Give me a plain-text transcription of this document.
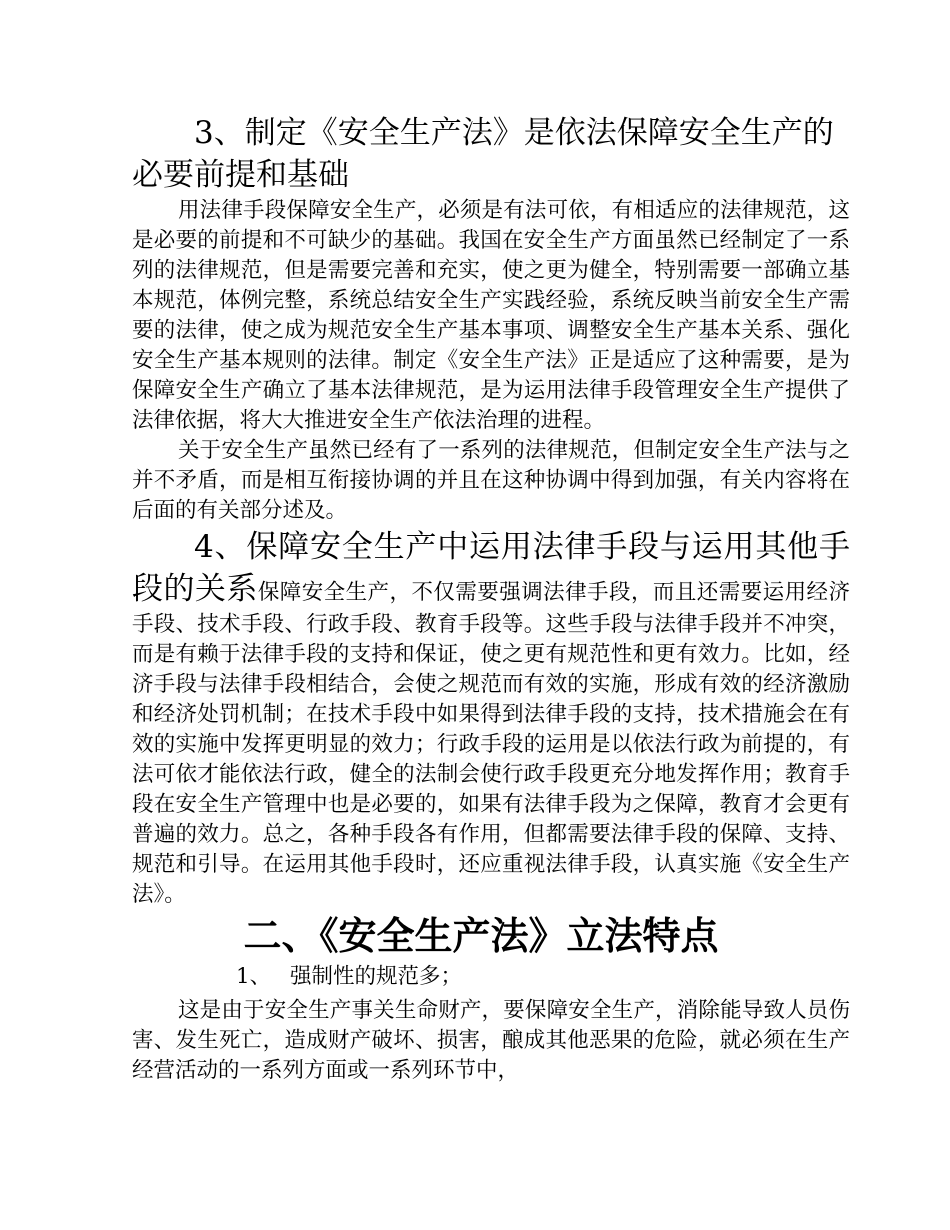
3、制定《安全生产法》是依法保障安全生产的必要前提和基础

用法律手段保障安全生产，必须是有法可依，有相适应的法律规范，这是必要的前提和不可缺少的基础。我国在安全生产方面虽然已经制定了一系列的法律规范，但是需要完善和充实，使之更为健全，特别需要一部确立基本规范，体例完整，系统总结安全生产实践经验，系统反映当前安全生产需要的法律，使之成为规范安全生产基本事项、调整安全生产基本关系、强化安全生产基本规则的法律。制定《安全生产法》正是适应了这种需要，是为保障安全生产确立了基本法律规范，是为运用法律手段管理安全生产提供了法律依据，将大大推进安全生产依法治理的进程。

关于安全生产虽然已经有了一系列的法律规范，但制定安全生产法与之并不矛盾，而是相互衔接协调的并且在这种协调中得到加强，有关内容将在后面的有关部分述及。

4、保障安全生产中运用法律手段与运用其他手段的关系保障安全生产，不仅需要强调法律手段，而且还需要运用经济手段、技术手段、行政手段、教育手段等。这些手段与法律手段并不冲突，而是有赖于法律手段的支持和保证，使之更有规范性和更有效力。比如，经济手段与法律手段相结合，会使之规范而有效的实施，形成有效的经济激励和经济处罚机制；在技术手段中如果得到法律手段的支持，技术措施会在有效的实施中发挥更明显的效力；行政手段的运用是以依法行政为前提的，有法可依才能依法行政，健全的法制会使行政手段更充分地发挥作用；教育手段在安全生产管理中也是必要的，如果有法律手段为之保障，教育才会更有普遍的效力。总之，各种手段各有作用，但都需要法律手段的保障、支持、规范和引导。在运用其他手段时，还应重视法律手段，认真实施《安全生产法》。

二、《安全生产法》立法特点

1、 强制性的规范多；

这是由于安全生产事关生命财产，要保障安全生产，消除能导致人员伤害、发生死亡，造成财产破坏、损害，酿成其他恶果的危险，就必须在生产经营活动的一系列方面或一系列环节中，
